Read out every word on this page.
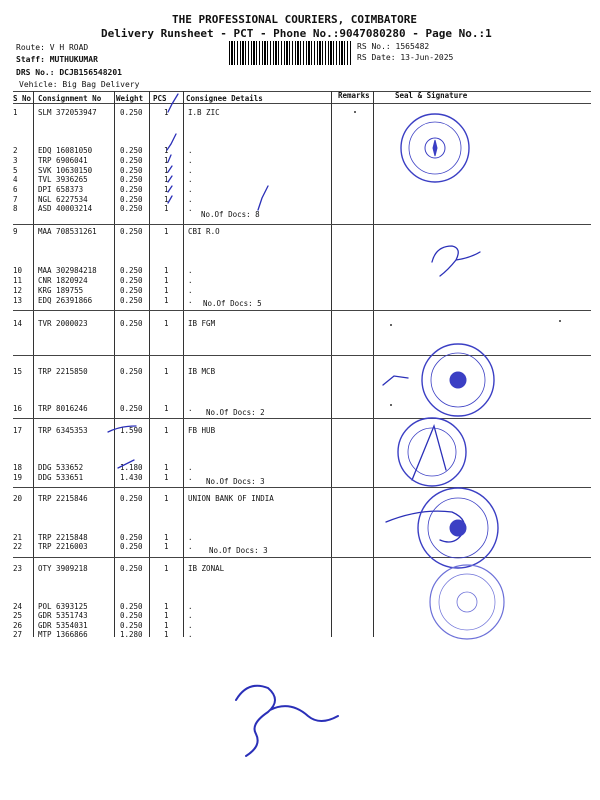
THE PROFESSIONAL COURIERS, COIMBATORE
Delivery Runsheet - PCT - Phone No.:9047080280 - Page No.:1
Route: V H ROAD
Staff: MUTHUKUMAR
DRS No.: DCJB156548201
Vehicle: Big Bag Delivery
RS No.: 1565482
RS Date: 13-Jun-2025
S No Consignment No Weight PCS	Consignee Details	Remarks	Seal & Signature
1	SLM 372053947	0.250	1	I.B ZIC
2	EDQ 16081050	0.250	1	.
3	TRP 6906041	0.250	1	.
5	SVK 10630150	0.250	1	.
4	TVL 3936265	0.250	1	.
6	DPI 658373	0.250	1	.
7	NGL 6227534	0.250	1	.
8	ASD 40003214	0.250	1	.
9	MAA 708531261	0.250	1	CBI R.O
10 MAA 302984218	0.250	1	.
11 CNR 1820924	0.250	1	.
12 KRG 189755	0.250	1	.
13 EDQ 26391866	0.250	1	.
14 TVR 2000023	0.250	1	IB FGM
15 TRP 2215850	0.250	1	IB MCB
16 TRP 8016246	0.250	1	.
17 TRP 6345353	1.590	1	FB HUB
18 DDG 533652	1.180	1	.
19 DDG 533651	1.430	1	.
20 TRP 2215846	0.250	1	UNION BANK OF INDIA
21 TRP 2215848	0.250	1	.
22 TRP 2216003	0.250	1	.
23 OTY 3909218	0.250	1	IB ZONAL
24 POL 6393125	0.250	1	.
25 GDR 5351743	0.250	1	.
26 GDR 5354031	0.250	1	.
27 MTP 1366866	1.280	1	.
No.Of Docs: 8
No.Of Docs: 5
No.Of Docs: 2
No.Of Docs: 3
No.Of Docs: 3
